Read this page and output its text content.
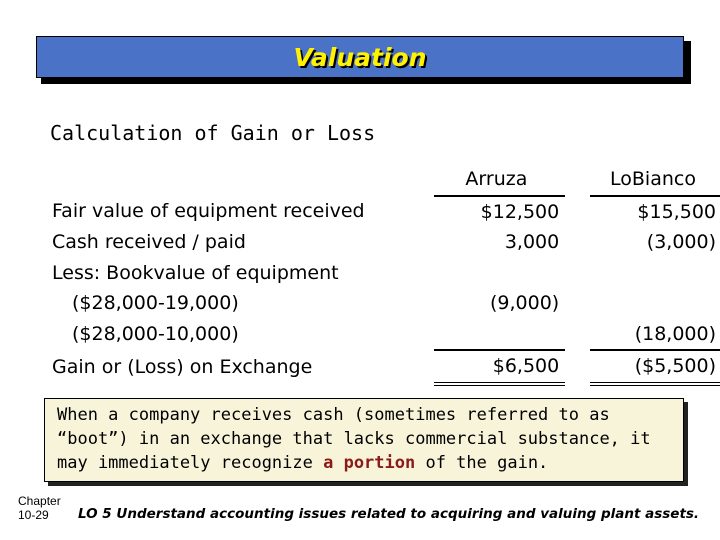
Valuation
Calculation of Gain or Loss
	Arruza		LoBianco
Fair value of equipment received	$12,500		$15,500
Cash received / paid	3,000		(3,000)
Less: Bookvalue of equipment			
($28,000-19,000)	(9,000)		
($28,000-10,000)			(18,000)
Gain or (Loss) on Exchange	$6,500		($5,500)
When a company receives cash (sometimes referred to as “boot”) in an exchange that lacks commercial substance, it may immediately recognize a portion of the gain.
Chapter
10-29	LO 5 Understand accounting issues related to acquiring and valuing plant assets.
